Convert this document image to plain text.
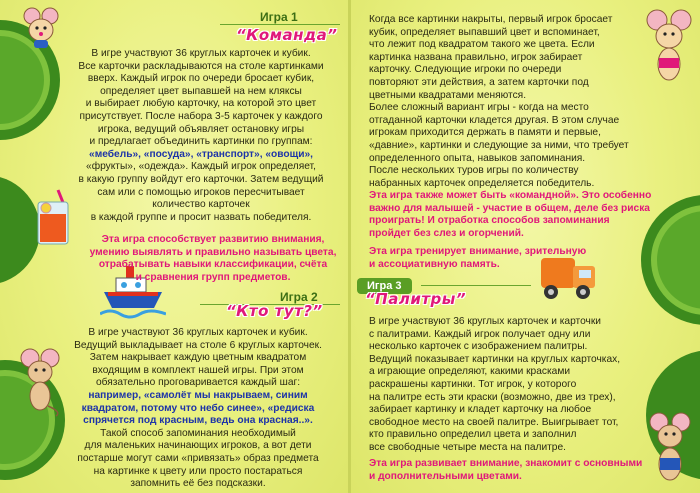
Игра 1
“Команда”

В игре участвуют 36 круглых карточек и кубик.

Все карточки раскладываются на столе картинками

вверх. Каждый игрок по очереди бросает кубик,

определяет цвет выпавшей на нем кляксы

и выбирает любую карточку, на которой это цвет

присутствует. После набора 3-5 карточек у каждого

игрока, ведущий объявляет остановку игры

и предлагает объединить картинки по группам:

«мебель», «посуда», «транспорт», «овощи»,

«фрукты», «одежда». Каждый игрок определяет,

в какую группу войдут его карточки. Затем ведущий

сам или с помощью игроков пересчитывает

количество карточек

в каждой группе и просит назвать победителя.

Эта игра способствует развитию внимания,

умению выявлять и правильно называть цвета,

отрабатывать навыки классификации, счёта

и сравнения групп предметов.

Игра 2
“Кто тут?”

В игре участвуют 36 круглых карточек и кубик.

Ведущий выкладывает на столе 6 круглых карточек.

Затем накрывает каждую цветным квадратом

входящим в комплект нашей игры. При этом

обязательно проговаривается каждый шаг:

например, «самолёт мы накрываем, синим

квадратом, потому что небо синее», «редиска

спрячется под красным, ведь она красная..».

Такой способ запоминания необходимый

для маленьких начинающих игроков, а вот дети

постарше могут сами «привязать» образ предмета

на картинке к цвету или просто постараться

запомнить её без подсказки.

Когда все картинки накрыты, первый игрок бросает

кубик, определяет выпавший цвет и вспоминает,

что лежит под квадратом такого же цвета. Если

картинка названа правильно, игрок забирает

карточку. Следующие игроки по очереди

повторяют эти действия, а затем карточки под

цветными квадратами меняются.

Более сложный вариант игры - когда на место

отгаданной карточки кладется другая. В этом случае

игрокам приходится держать в памяти и первые,

«давние», картинки и следующие за ними, что требует

определенного опыта, навыков запоминания.

После нескольких туров игры по количеству

набранных карточек определяется победитель.

Эта игра также может быть «командной». Это особенно

важно для малышей - участие в общем, деле без риска

проиграть! И отработка способов запоминания

пройдет без слез и огорчений.

Эта игра тренирует внимание, зрительную

и ассоциативную память.

Игра 3
“Палитры”

В игре участвуют 36 круглых карточек и карточки

с палитрами. Каждый игрок получает одну или

несколько карточек с изображением палитры.

Ведущий показывает картинки на круглых карточках,

а играющие определяют, какими красками

раскрашены картинки. Тот игрок, у которого

на палитре есть эти краски (возможно, две из трех),

забирает картинку и кладет карточку на любое

свободное место на своей палитре. Выигрывает тот,

кто правильно определил цвета и заполнил

все свободные четыре места на палитре.

Эта игра развивает внимание, знакомит с основными

и дополнительными цветами.
